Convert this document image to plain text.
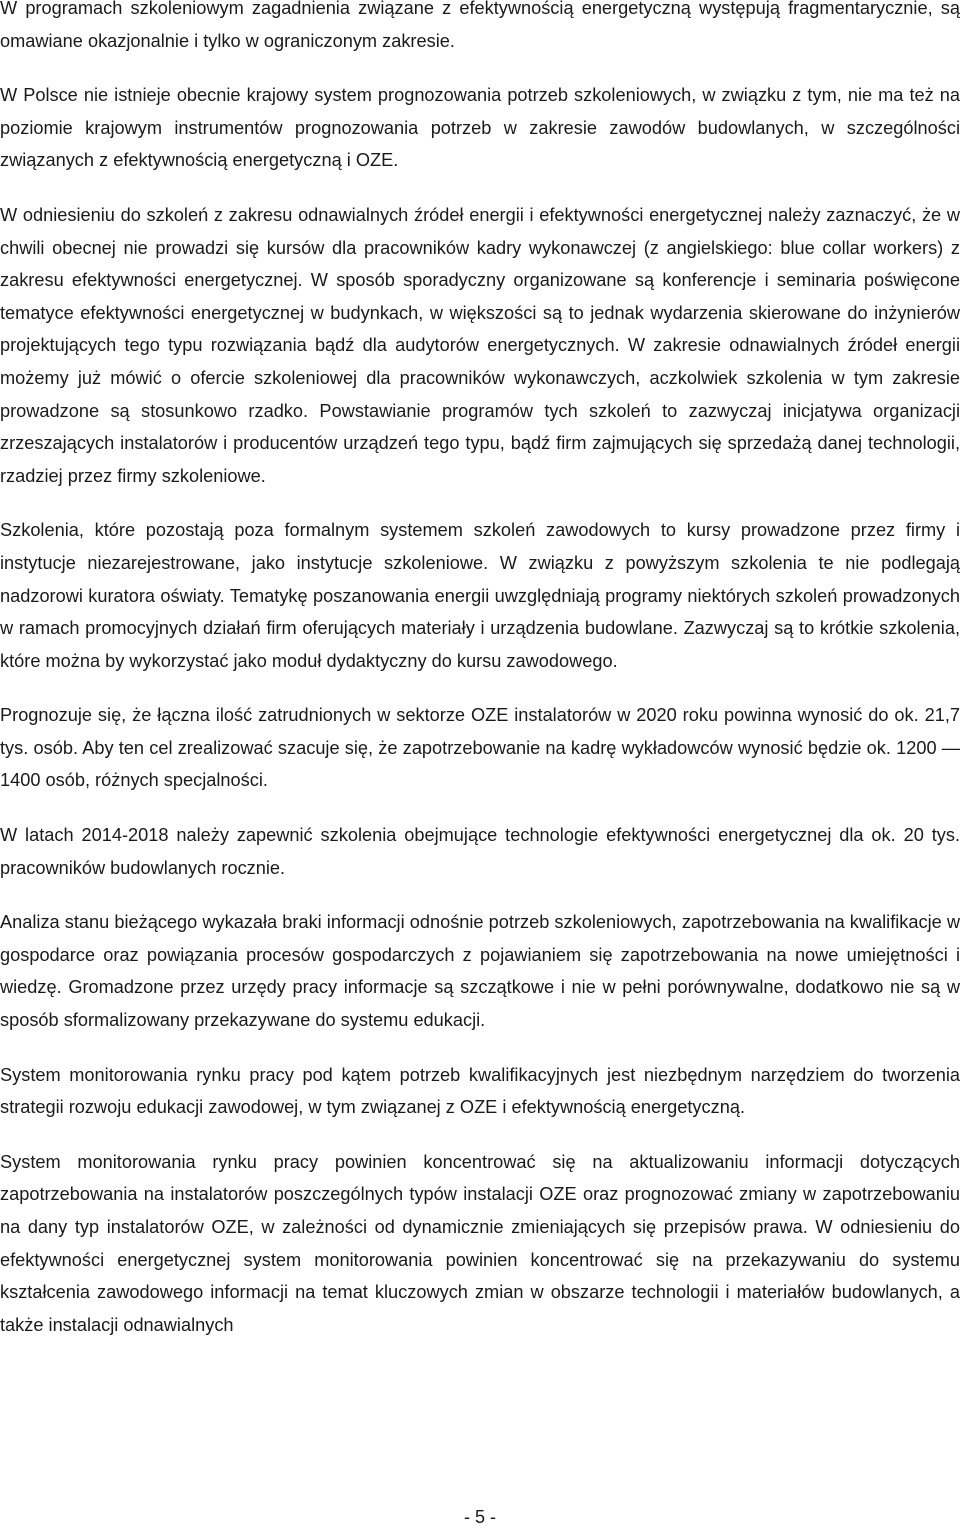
W programach szkoleniowym zagadnienia związane z efektywnością energetyczną występują fragmentarycznie, są omawiane okazjonalnie i tylko w ograniczonym zakresie.

W Polsce nie istnieje obecnie krajowy system prognozowania potrzeb szkoleniowych, w związku z tym, nie ma też na poziomie krajowym instrumentów prognozowania potrzeb w zakresie zawodów budowlanych, w szczególności związanych z efektywnością energetyczną i OZE.

W odniesieniu do szkoleń z zakresu odnawialnych źródeł energii i efektywności energetycznej należy zaznaczyć, że w chwili obecnej nie prowadzi się kursów dla pracowników kadry wykonawczej (z angielskiego: blue collar workers) z zakresu efektywności energetycznej. W sposób sporadyczny organizowane są konferencje i seminaria poświęcone tematyce efektywności energetycznej w budynkach, w większości są to jednak wydarzenia skierowane do inżynierów projektujących tego typu rozwiązania bądź dla audytorów energetycznych. W zakresie odnawialnych źródeł energii możemy już mówić o ofercie szkoleniowej dla pracowników wykonawczych, aczkolwiek szkolenia w tym zakresie prowadzone są stosunkowo rzadko. Powstawianie programów tych szkoleń to zazwyczaj inicjatywa organizacji zrzeszających instalatorów i producentów urządzeń tego typu, bądź firm zajmujących się sprzedażą danej technologii, rzadziej przez firmy szkoleniowe.

Szkolenia, które pozostają poza formalnym systemem szkoleń zawodowych to kursy prowadzone przez firmy i instytucje niezarejestrowane, jako instytucje szkoleniowe. W związku z powyższym szkolenia te nie podlegają nadzorowi kuratora oświaty. Tematykę poszanowania energii uwzględniają programy niektórych szkoleń prowadzonych w ramach promocyjnych działań firm oferujących materiały i urządzenia budowlane. Zazwyczaj są to krótkie szkolenia, które można by wykorzystać jako moduł dydaktyczny do kursu zawodowego.

Prognozuje się, że łączna ilość zatrudnionych w sektorze OZE instalatorów w 2020 roku powinna wynosić do ok. 21,7 tys. osób. Aby ten cel zrealizować szacuje się, że zapotrzebowanie na kadrę wykładowców wynosić będzie ok. 1200 — 1400 osób, różnych specjalności.

W latach 2014-2018 należy zapewnić szkolenia obejmujące technologie efektywności energetycznej dla ok. 20 tys. pracowników budowlanych rocznie.

Analiza stanu bieżącego wykazała braki informacji odnośnie potrzeb szkoleniowych, zapotrzebowania na kwalifikacje w gospodarce oraz powiązania procesów gospodarczych z pojawianiem się zapotrzebowania na nowe umiejętności i wiedzę. Gromadzone przez urzędy pracy informacje są szczątkowe i nie w pełni porównywalne, dodatkowo nie są w sposób sformalizowany przekazywane do systemu edukacji.

System monitorowania rynku pracy pod kątem potrzeb kwalifikacyjnych jest niezbędnym narzędziem do tworzenia strategii rozwoju edukacji zawodowej, w tym związanej z OZE i efektywnością energetyczną.

System monitorowania rynku pracy powinien koncentrować się na aktualizowaniu informacji dotyczących zapotrzebowania na instalatorów poszczególnych typów instalacji OZE oraz prognozować zmiany w zapotrzebowaniu na dany typ instalatorów OZE, w zależności od dynamicznie zmieniających się przepisów prawa. W odniesieniu do efektywności energetycznej system monitorowania powinien koncentrować się na przekazywaniu do systemu kształcenia zawodowego informacji na temat kluczowych zmian w obszarze technologii i materiałów budowlanych, a także instalacji odnawialnych

- 5 -
